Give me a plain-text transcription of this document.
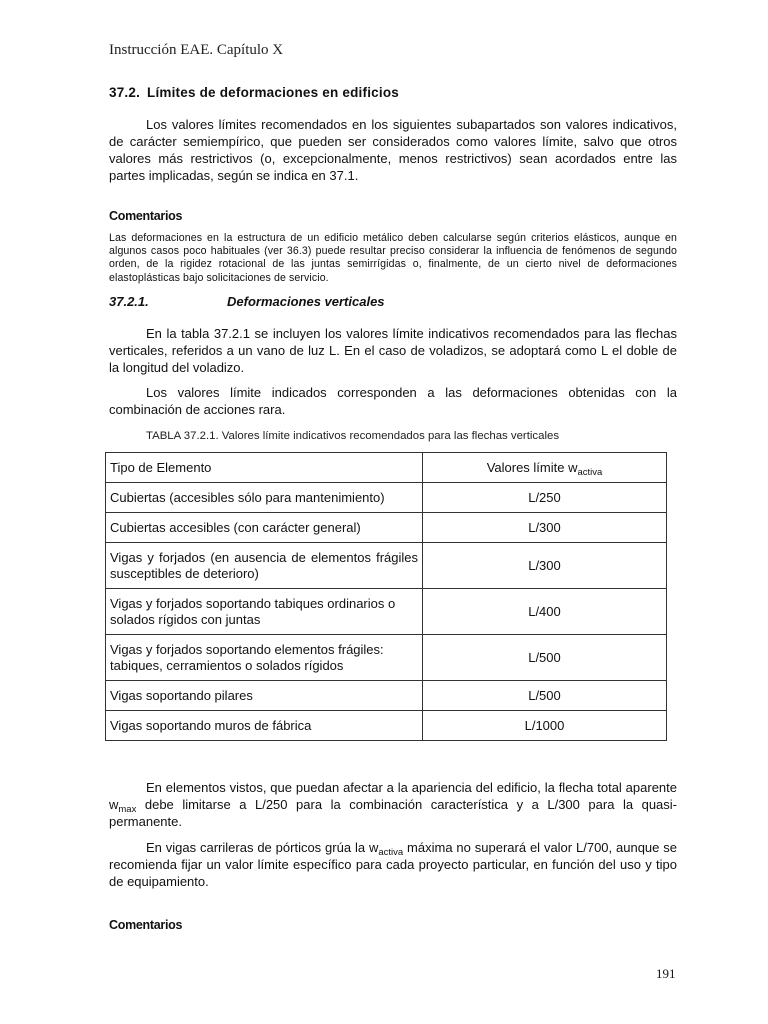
Instrucción EAE. Capítulo X
37.2. Límites de deformaciones en edificios

Los valores límites recomendados en los siguientes subapartados son valores indicativos, de carácter semiempírico, que pueden ser considerados como valores límite, salvo que otros valores más restrictivos (o, excepcionalmente, menos restrictivos) sean acordados entre las partes implicadas, según se indica en 37.1.

Comentarios

Las deformaciones en la estructura de un edificio metálico deben calcularse según criterios elásticos, aunque en algunos casos poco habituales (ver 36.3) puede resultar preciso considerar la influencia de fenómenos de segundo orden, de la rigidez rotacional de las juntas semirrígidas o, finalmente, de un cierto nivel de deformaciones elastoplásticas bajo solicitaciones de servicio.

37.2.1.	Deformaciones verticales

En la tabla 37.2.1 se incluyen los valores límite indicativos recomendados para las flechas verticales, referidos a un vano de luz L. En el caso de voladizos, se adoptará como L el doble de la longitud del voladizo.

Los valores límite indicados corresponden a las deformaciones obtenidas con la combinación de acciones rara.

TABLA 37.2.1. Valores límite indicativos recomendados para las flechas verticales
Tipo de Elemento	Valores límite $w_{activa}$
Cubiertas (accesibles sólo para mantenimiento)	L/250
Cubiertas accesibles (con carácter general)	L/300
Vigas y forjados (en ausencia de elementos frágiles susceptibles de deterioro)	L/300
Vigas y forjados soportando tabiques ordinarios o solados rígidos con juntas	L/400
Vigas y forjados soportando elementos frágiles: tabiques, cerramientos o solados rígidos	L/500
Vigas soportando pilares	L/500
Vigas soportando muros de fábrica	L/1000

En elementos vistos, que puedan afectar a la apariencia del edificio, la flecha total aparente $w_{max}$ debe limitarse a L/250 para la combinación característica y a L/300 para la quasi-permanente.

En vigas carrileras de pórticos grúa la $w_{activa}$ máxima no superará el valor L/700, aunque se recomienda fijar un valor límite específico para cada proyecto particular, en función del uso y tipo de equipamiento.

Comentarios
191
